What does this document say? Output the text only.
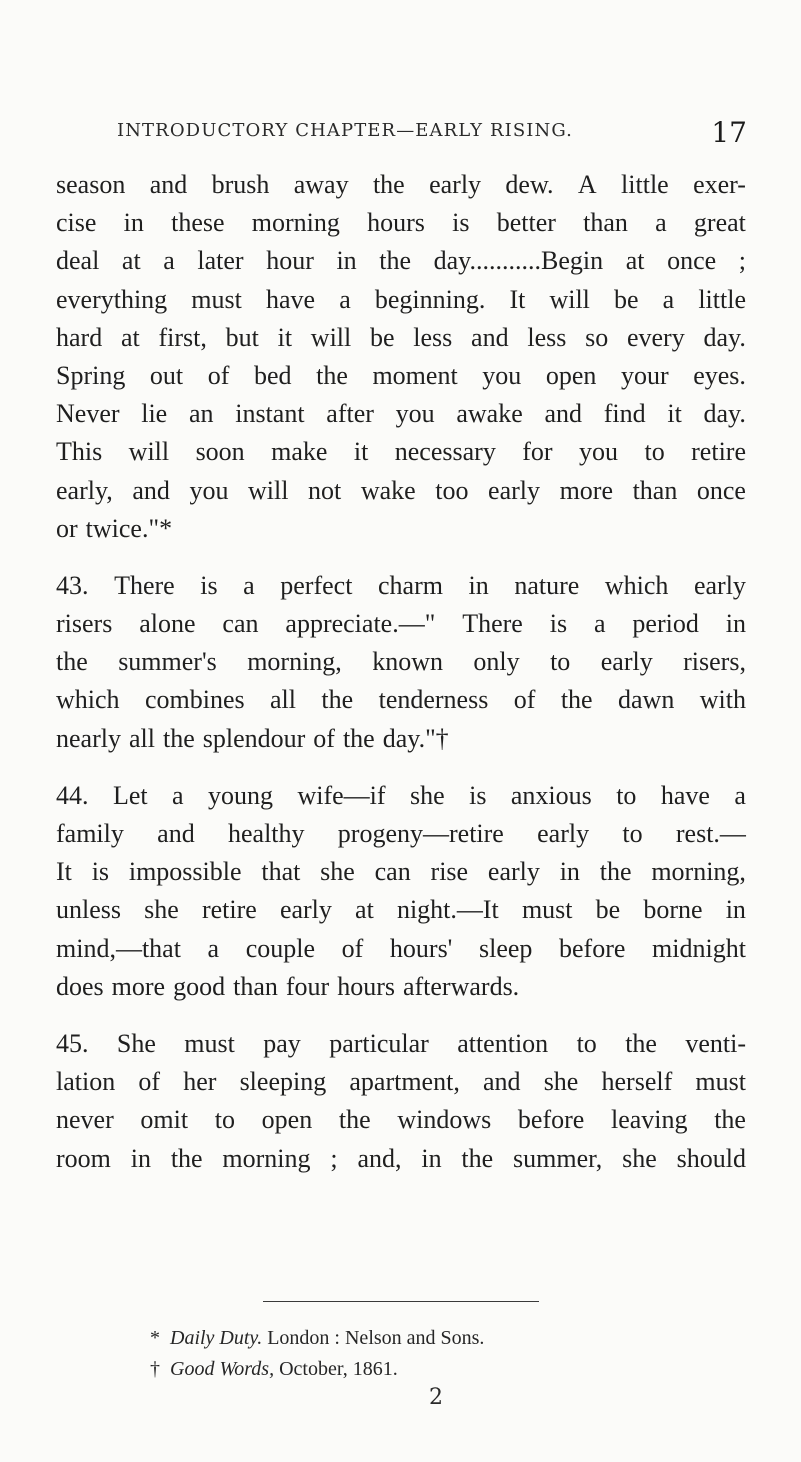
INTRODUCTORY CHAPTER—EARLY RISING.	17
season and brush away the early dew. A little exer-
cise in these morning hours is better than a great
deal at a later hour in the day...........Begin at once ;
everything must have a beginning. It will be a little
hard at first, but it will be less and less so every day.
Spring out of bed the moment you open your eyes.
Never lie an instant after you awake and find it day.
This will soon make it necessary for you to retire
early, and you will not wake too early more than once
or twice."*
43. There is a perfect charm in nature which early
risers alone can appreciate.—" There is a period in
the summer's morning, known only to early risers,
which combines all the tenderness of the dawn with
nearly all the splendour of the day."†
44. Let a young wife—if she is anxious to have a
family and healthy progeny—retire early to rest.—
It is impossible that she can rise early in the morning,
unless she retire early at night.—It must be borne in
mind,—that a couple of hours' sleep before midnight
does more good than four hours afterwards.
45. She must pay particular attention to the venti-
lation of her sleeping apartment, and she herself must
never omit to open the windows before leaving the
room in the morning ; and, in the summer, she should
* Daily Duty. London : Nelson and Sons.
† Good Words, October, 1861.
2
